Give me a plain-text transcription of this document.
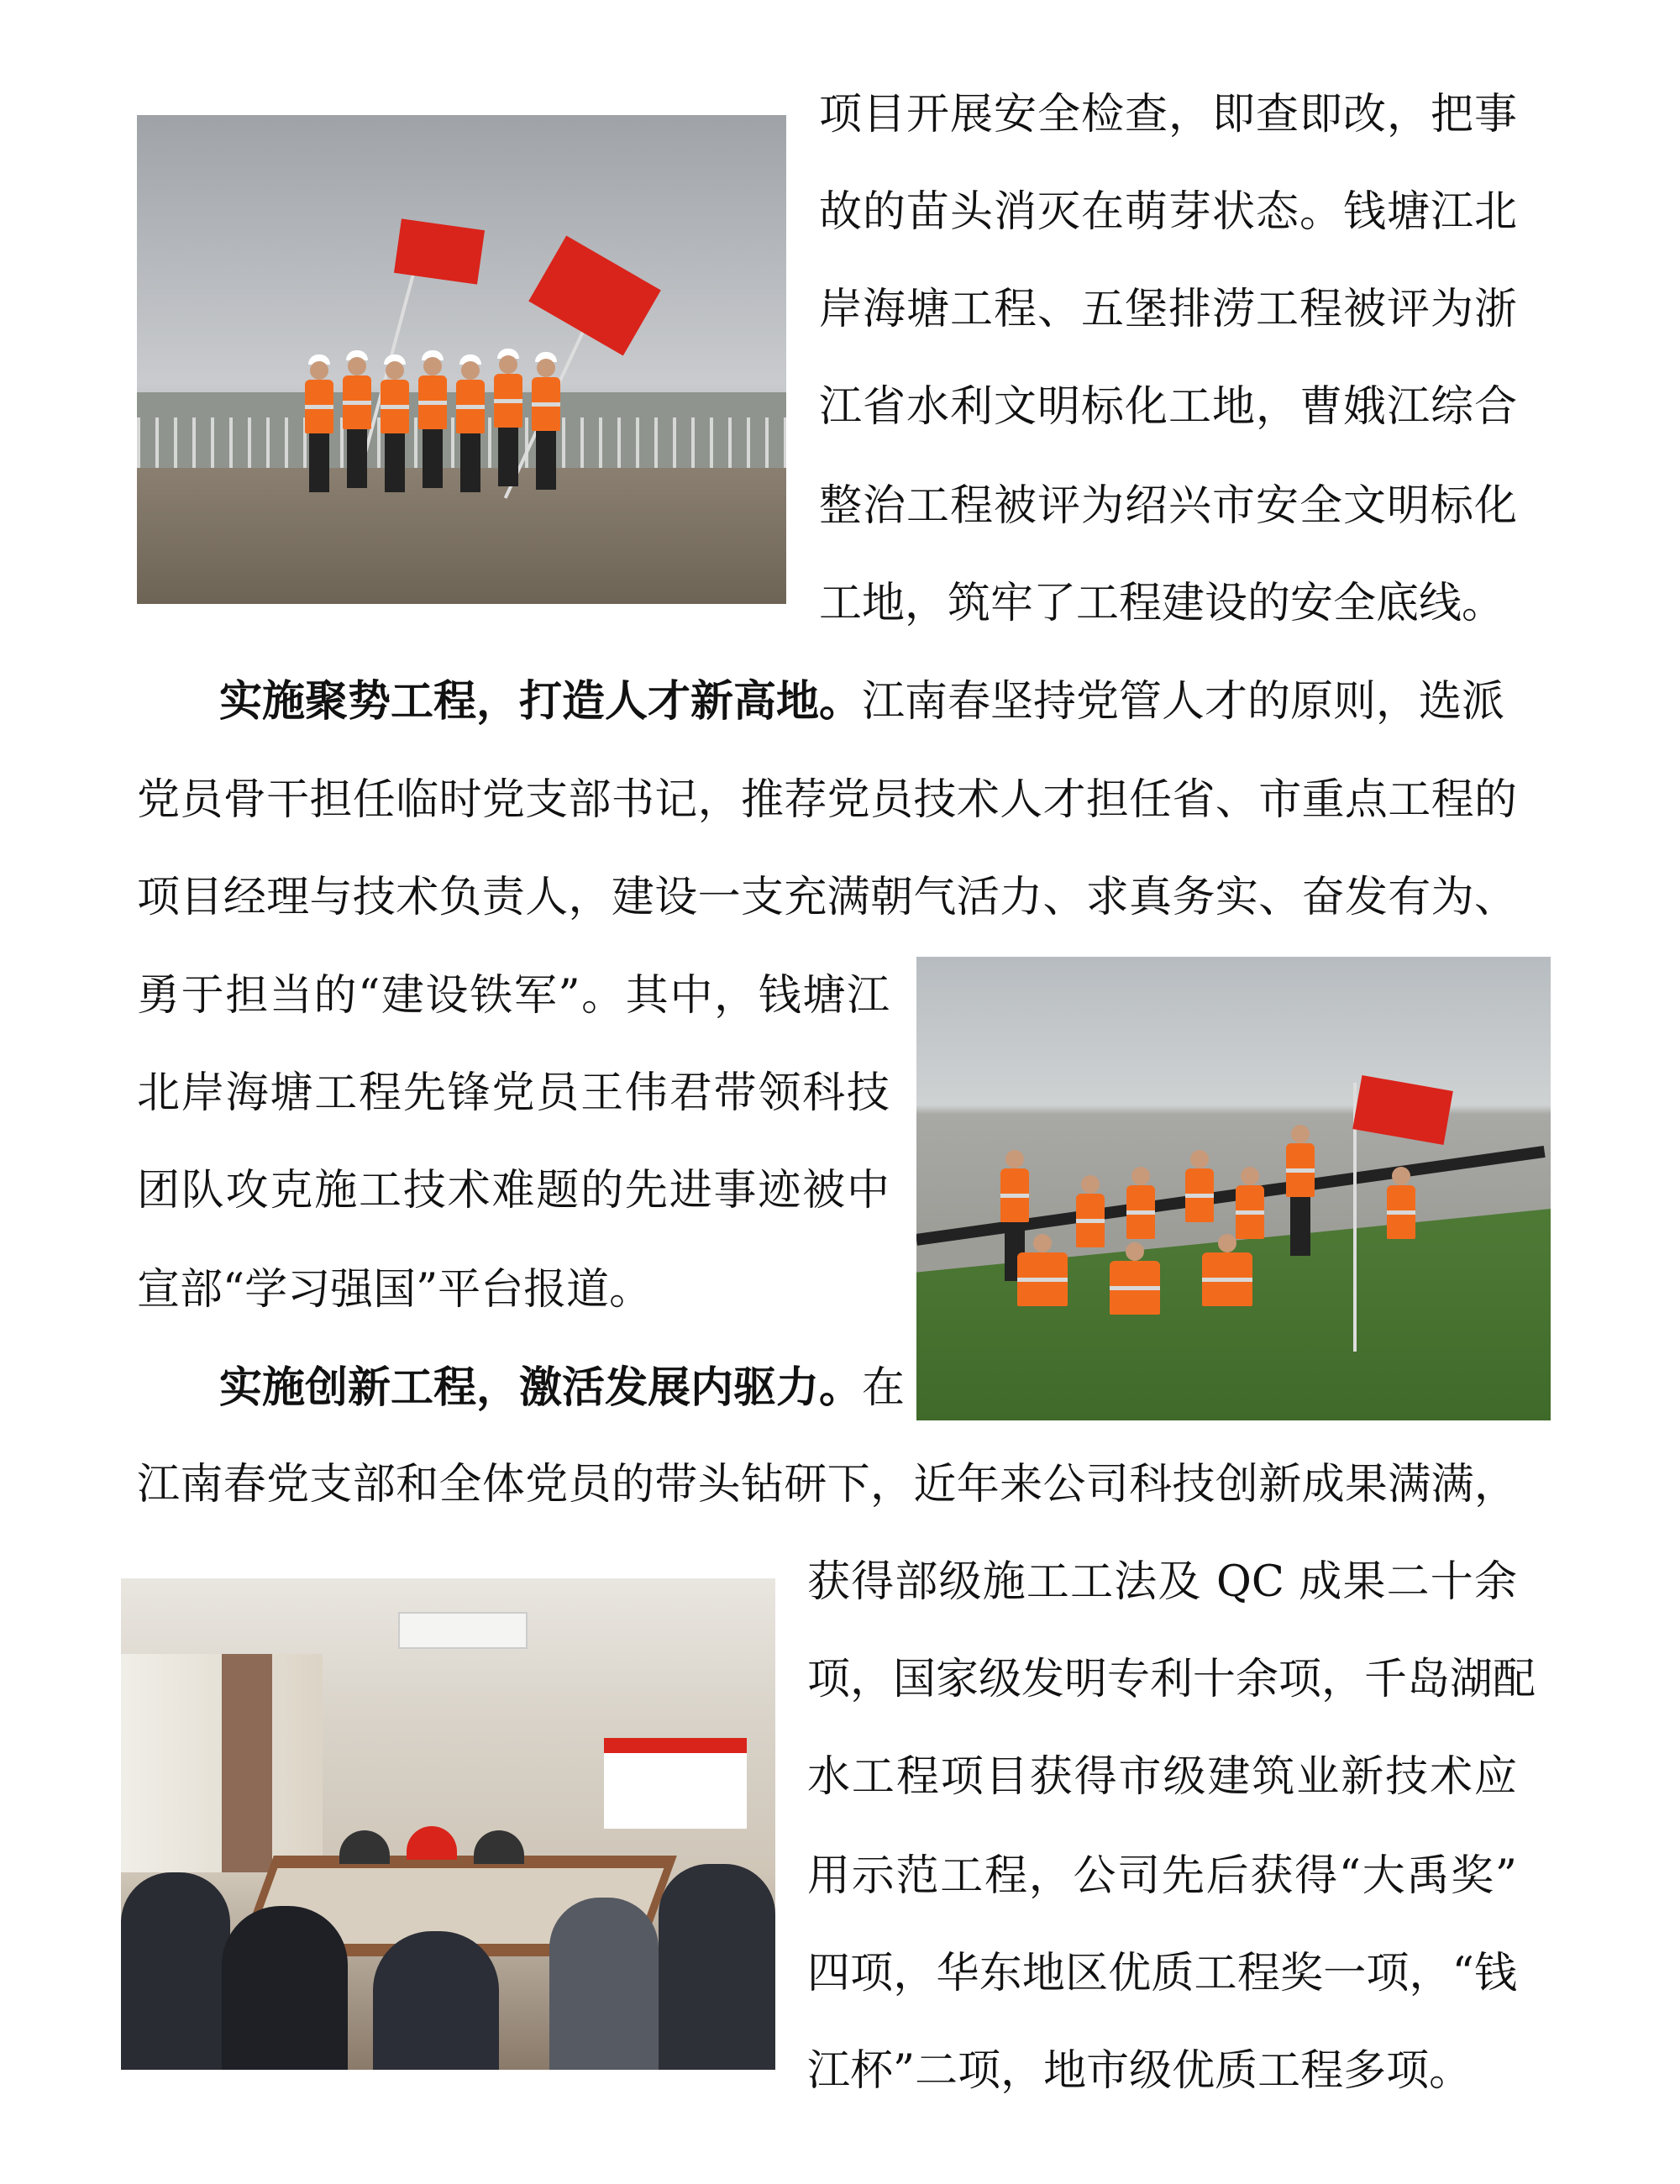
项目开展安全检查，即查即改，把事
故的苗头消灭在萌芽状态。钱塘江北
岸海塘工程、五堡排涝工程被评为浙
江省水利文明标化工地，曹娥江综合
整治工程被评为绍兴市安全文明标化
工地，筑牢了工程建设的安全底线。
实施聚势工程，打造人才新高地。江南春坚持党管人才的原则，选派
党员骨干担任临时党支部书记，推荐党员技术人才担任省、市重点工程的
项目经理与技术负责人，建设一支充满朝气活力、求真务实、奋发有为、
勇于担当的“建设铁军”。其中，钱塘江
北岸海塘工程先锋党员王伟君带领科技
团队攻克施工技术难题的先进事迹被中
宣部“学习强国”平台报道。
实施创新工程，激活发展内驱力。在
江南春党支部和全体党员的带头钻研下，近年来公司科技创新成果满满，
获得部级施工工法及 QC 成果二十余
项，国家级发明专利十余项，千岛湖配
水工程项目获得市级建筑业新技术应
用示范工程，公司先后获得“大禹奖”
四项，华东地区优质工程奖一项，“钱
江杯”二项，地市级优质工程多项。
